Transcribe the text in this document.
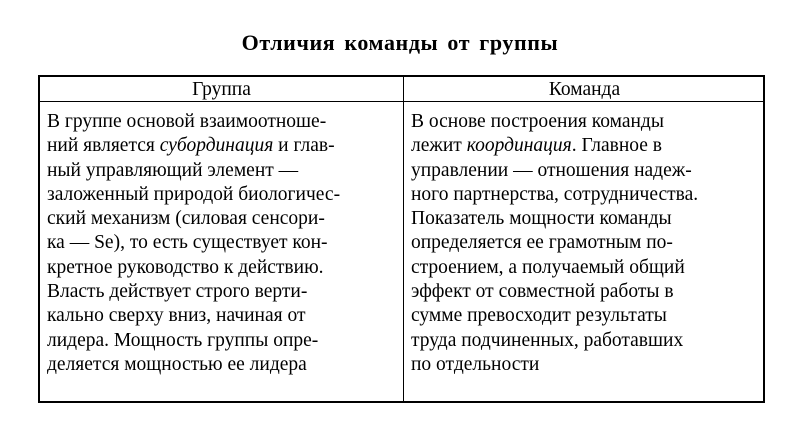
Отличия команды от группы
Группа	Команда
В группе основой взаимоотноше-
ний является субординация и глав-
ный управляющий элемент —
заложенный природой биологичес-
ский механизм (силовая сенсори-
ка — Se), то есть существует кон-
кретное руководство к действию.
Власть действует строго верти-
кально сверху вниз, начиная от
лидера. Мощность группы опре-
деляется мощностью ее лидера
В основе построения команды
лежит координация. Главное в
управлении — отношения надеж-
ного партнерства, сотрудничества.
Показатель мощности команды
определяется ее грамотным по-
строением, а получаемый общий
эффект от совместной работы в
сумме превосходит результаты
труда подчиненных, работавших
по отдельности
